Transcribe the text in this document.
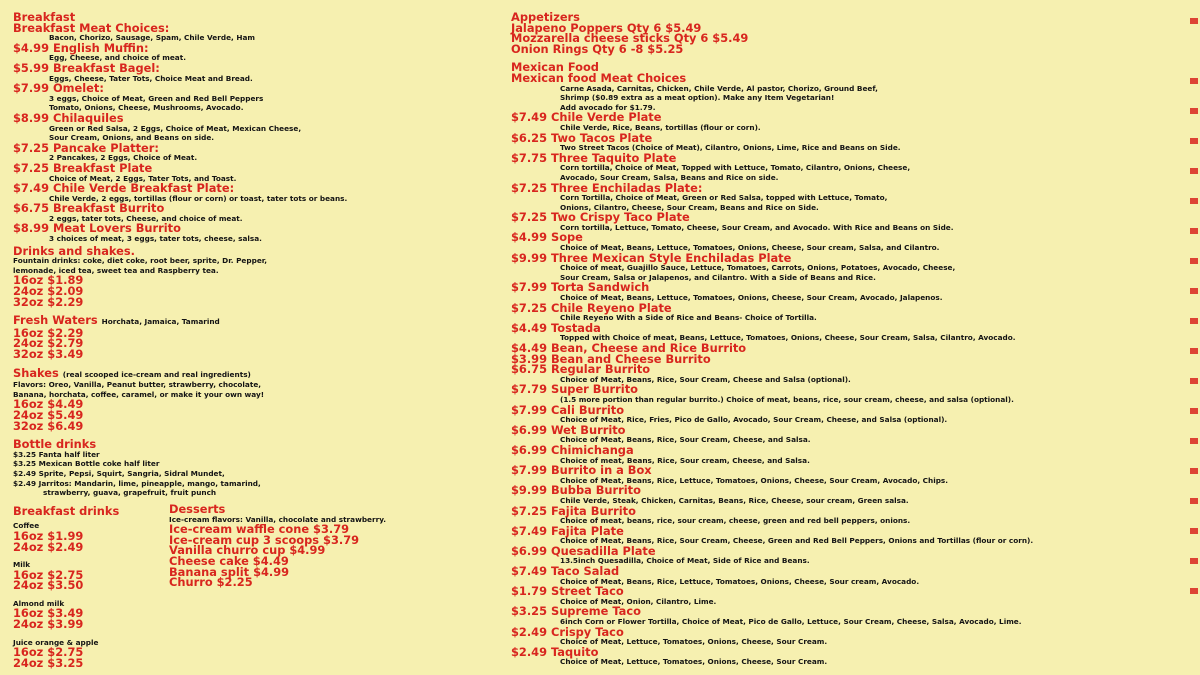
Breakfast
Breakfast Meat Choices:
Bacon, Chorizo, Sausage, Spam, Chile Verde, Ham
$4.99 English Muffin:
Egg, Cheese, and choice of meat.
$5.99 Breakfast Bagel:
Eggs, Cheese, Tater Tots, Choice Meat and Bread.
$7.99 Omelet:
3 eggs, Choice of Meat, Green and Red Bell Peppers
Tomato, Onions, Cheese, Mushrooms, Avocado.
$8.99 Chilaquiles
Green or Red Salsa, 2 Eggs, Choice of Meat, Mexican Cheese,
Sour Cream, Onions, and Beans on side.
$7.25 Pancake Platter:
2 Pancakes, 2 Eggs, Choice of Meat.
$7.25 Breakfast Plate
Choice of Meat, 2 Eggs, Tater Tots, and Toast.
$7.49 Chile Verde Breakfast Plate:
Chile Verde, 2 eggs, tortillas (flour or corn) or toast, tater tots or beans.
$6.75 Breakfast Burrito
2 eggs, tater tots, Cheese, and choice of meat.
$8.99 Meat Lovers Burrito
3 choices of meat, 3 eggs, tater tots, cheese, salsa.
Drinks and shakes.
Fountain drinks: coke, diet coke, root beer, sprite, Dr. Pepper,
lemonade, iced tea, sweet tea and Raspberry tea.
16oz $1.89
24oz $2.09
32oz $2.29
Fresh Waters Horchata, Jamaica, Tamarind
16oz $2.29
24oz $2.79
32oz $3.49
Shakes (real scooped ice-cream and real ingredients)
Flavors: Oreo, Vanilla, Peanut butter, strawberry, chocolate,
Banana, horchata, coffee, caramel, or make it your own way!
16oz $4.49
24oz $5.49
32oz $6.49
Bottle drinks
$3.25 Fanta half liter
$3.25 Mexican Bottle coke half liter
$2.49 Sprite, Pepsi, Squirt, Sangria, Sidral Mundet,
$2.49 Jarritos: Mandarin, lime, pineapple, mango, tamarind,
strawberry, guava, grapefruit, fruit punch
Breakfast drinks
Coffee
16oz $1.99
24oz $2.49
Milk
16oz $2.75
24oz $3.50
Almond milk
16oz $3.49
24oz $3.99
Juice orange & apple
16oz $2.75
24oz $3.25
Desserts
Ice-cream flavors: Vanilla, chocolate and strawberry.
Ice-cream waffle cone $3.79
Ice-cream cup 3 scoops $3.79
Vanilla churro cup $4.99
Cheese cake $4.49
Banana split $4.99
Churro $2.25
Appetizers
Jalapeno Poppers Qty 6 $5.49
Mozzarella cheese sticks Qty 6 $5.49
Onion Rings Qty 6 -8 $5.25
Mexican Food
Mexican food Meat Choices
Carne Asada, Carnitas, Chicken, Chile Verde, Al pastor, Chorizo, Ground Beef,
Shrimp ($0.89 extra as a meat option). Make any Item Vegetarian!
Add avocado for $1.79.
$7.49 Chile Verde Plate
Chile Verde, Rice, Beans, tortillas (flour or corn).
$6.25 Two Tacos Plate
Two Street Tacos (Choice of Meat), Cilantro, Onions, Lime, Rice and Beans on Side.
$7.75 Three Taquito Plate
Corn tortilla, Choice of Meat, Topped with Lettuce, Tomato, Cilantro, Onions, Cheese,
Avocado, Sour Cream, Salsa, Beans and Rice on side.
$7.25 Three Enchiladas Plate:
Corn Tortilla, Choice of Meat, Green or Red Salsa, topped with Lettuce, Tomato,
Onions, Cilantro, Cheese, Sour Cream, Beans and Rice on Side.
$7.25 Two Crispy Taco Plate
Corn tortilla, Lettuce, Tomato, Cheese, Sour Cream, and Avocado. With Rice and Beans on Side.
$4.99 Sope
Choice of Meat, Beans, Lettuce, Tomatoes, Onions, Cheese, Sour cream, Salsa, and Cilantro.
$9.99 Three Mexican Style Enchiladas Plate
Choice of meat, Guajillo Sauce, Lettuce, Tomatoes, Carrots, Onions, Potatoes, Avocado, Cheese,
Sour Cream, Salsa or Jalapenos, and Cilantro. With a Side of Beans and Rice.
$7.99 Torta Sandwich
Choice of Meat, Beans, Lettuce, Tomatoes, Onions, Cheese, Sour Cream, Avocado, Jalapenos.
$7.25 Chile Reyeno Plate
Chile Reyeno With a Side of Rice and Beans- Choice of Tortilla.
$4.49 Tostada
Topped with Choice of meat, Beans, Lettuce, Tomatoes, Onions, Cheese, Sour Cream, Salsa, Cilantro, Avocado.
$4.49 Bean, Cheese and Rice Burrito
$3.99 Bean and Cheese Burrito
$6.75 Regular Burrito
Choice of Meat, Beans, Rice, Sour Cream, Cheese and Salsa (optional).
$7.79 Super Burrito
(1.5 more portion than regular burrito.) Choice of meat, beans, rice, sour cream, cheese, and salsa (optional).
$7.99 Cali Burrito
Choice of Meat, Rice, Fries, Pico de Gallo, Avocado, Sour Cream, Cheese, and Salsa (optional).
$6.99 Wet Burrito
Choice of Meat, Beans, Rice, Sour Cream, Cheese, and Salsa.
$6.99 Chimichanga
Choice of meat, Beans, Rice, Sour cream, Cheese, and Salsa.
$7.99 Burrito in a Box
Choice of Meat, Beans, Rice, Lettuce, Tomatoes, Onions, Cheese, Sour Cream, Avocado, Chips.
$9.99 Bubba Burrito
Chile Verde, Steak, Chicken, Carnitas, Beans, Rice, Cheese, sour cream, Green salsa.
$7.25 Fajita Burrito
Choice of meat, beans, rice, sour cream, cheese, green and red bell peppers, onions.
$7.49 Fajita Plate
Choice of Meat, Beans, Rice, Sour Cream, Cheese, Green and Red Bell Peppers, Onions and Tortillas (flour or corn).
$6.99 Quesadilla Plate
13.5inch Quesadilla, Choice of Meat, Side of Rice and Beans.
$7.49 Taco Salad
Choice of Meat, Beans, Rice, Lettuce, Tomatoes, Onions, Cheese, Sour cream, Avocado.
$1.79 Street Taco
Choice of Meat, Onion, Cilantro, Lime.
$3.25 Supreme Taco
6inch Corn or Flower Tortilla, Choice of Meat, Pico de Gallo, Lettuce, Sour Cream, Cheese, Salsa, Avocado, Lime.
$2.49 Crispy Taco
Choice of Meat, Lettuce, Tomatoes, Onions, Cheese, Sour Cream.
$2.49 Taquito
Choice of Meat, Lettuce, Tomatoes, Onions, Cheese, Sour Cream.
